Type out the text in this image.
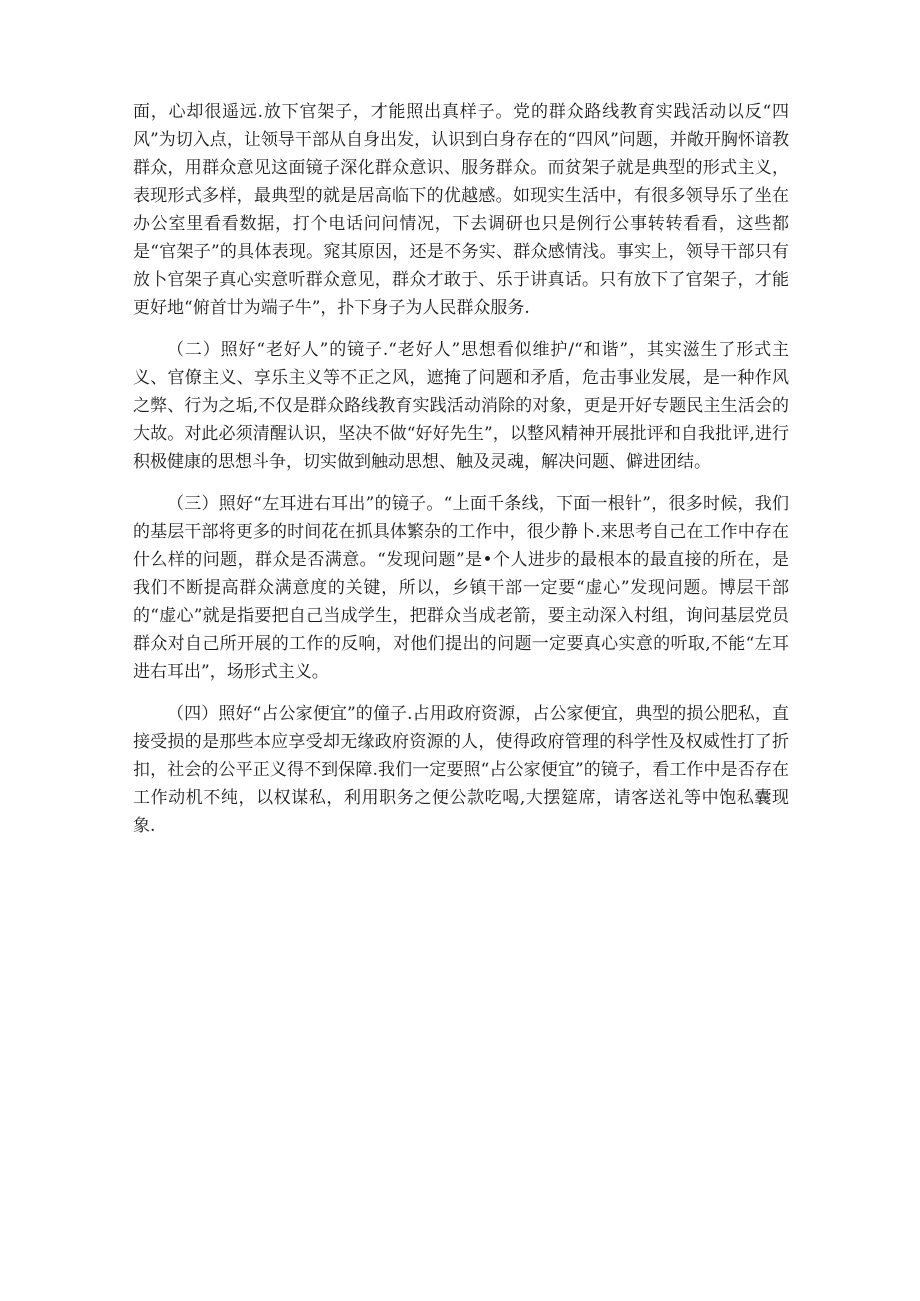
面，心却很遥远.放下官架子，才能照出真样子。党的群众路线教育实践活动以反“四风”为切入点，让领导干部从自身出发，认识到白身存在的“四风”问题，并敞开胸怀谙教群众，用群众意见这面镜子深化群众意识、服务群众。而贫架子就是典型的形式主义，表现形式多样，最典型的就是居高临下的优越感。如现实生活中，有很多领导乐了坐在办公室里看看数据，打个电话问问情况，下去调研也只是例行公事转转看看，这些都是“官架子”的具体表现。窕其原因，还是不务实、群众感情浅。事实上，领导干部只有放卜官架子真心实意听群众意见，群众才敢于、乐于讲真话。只有放下了官架子，才能更好地“俯首廿为端子牛”，扑下身子为人民群众服务.

（二）照好“老好人”的镜子.“老好人”思想看似维护/“和谐”，其实滋生了形式主义、官僚主义、享乐主义等不正之风，遮掩了问题和矛盾，危击事业发展，是一种作风之弊、行为之垢,不仅是群众路线教育实践活动消除的对象，更是开好专题民主生活会的大故。对此必须清醒认识，坚决不做“好好先生”，以整风精神开展批评和自我批评,进行积极健康的思想斗争，切实做到触动思想、触及灵魂，解决问题、僻进团结。

（三）照好“左耳进右耳出”的镜子。“上面千条线，下面一根针”，很多时候，我们的基层干部将更多的时间花在抓具体繁杂的工作中，很少静卜.来思考自己在工作中存在什么样的问题，群众是否满意。“发现问题”是•个人进步的最根本的最直接的所在，是我们不断提高群众满意度的关键，所以，乡镇干部一定要“虚心”发现问题。博层干部的“虚心”就是指要把自己当成学生，把群众当成老箭，要主动深入村组，询问基层党员群众对自己所开展的工作的反响，对他们提出的问题一定要真心实意的听取,不能“左耳进右耳出”，场形式主义。

（四）照好“占公家便宜”的僮子.占用政府资源，占公家便宜，典型的损公肥私，直接受损的是那些本应享受却无缘政府资源的人，使得政府管理的科学性及权威性打了折扣，社会的公平正义得不到保障.我们一定要照“占公家便宜”的镜子，看工作中是否存在工作动机不纯，以权谋私，利用职务之便公款吃喝,大摆筵席，请客送礼等中饱私囊现象.
